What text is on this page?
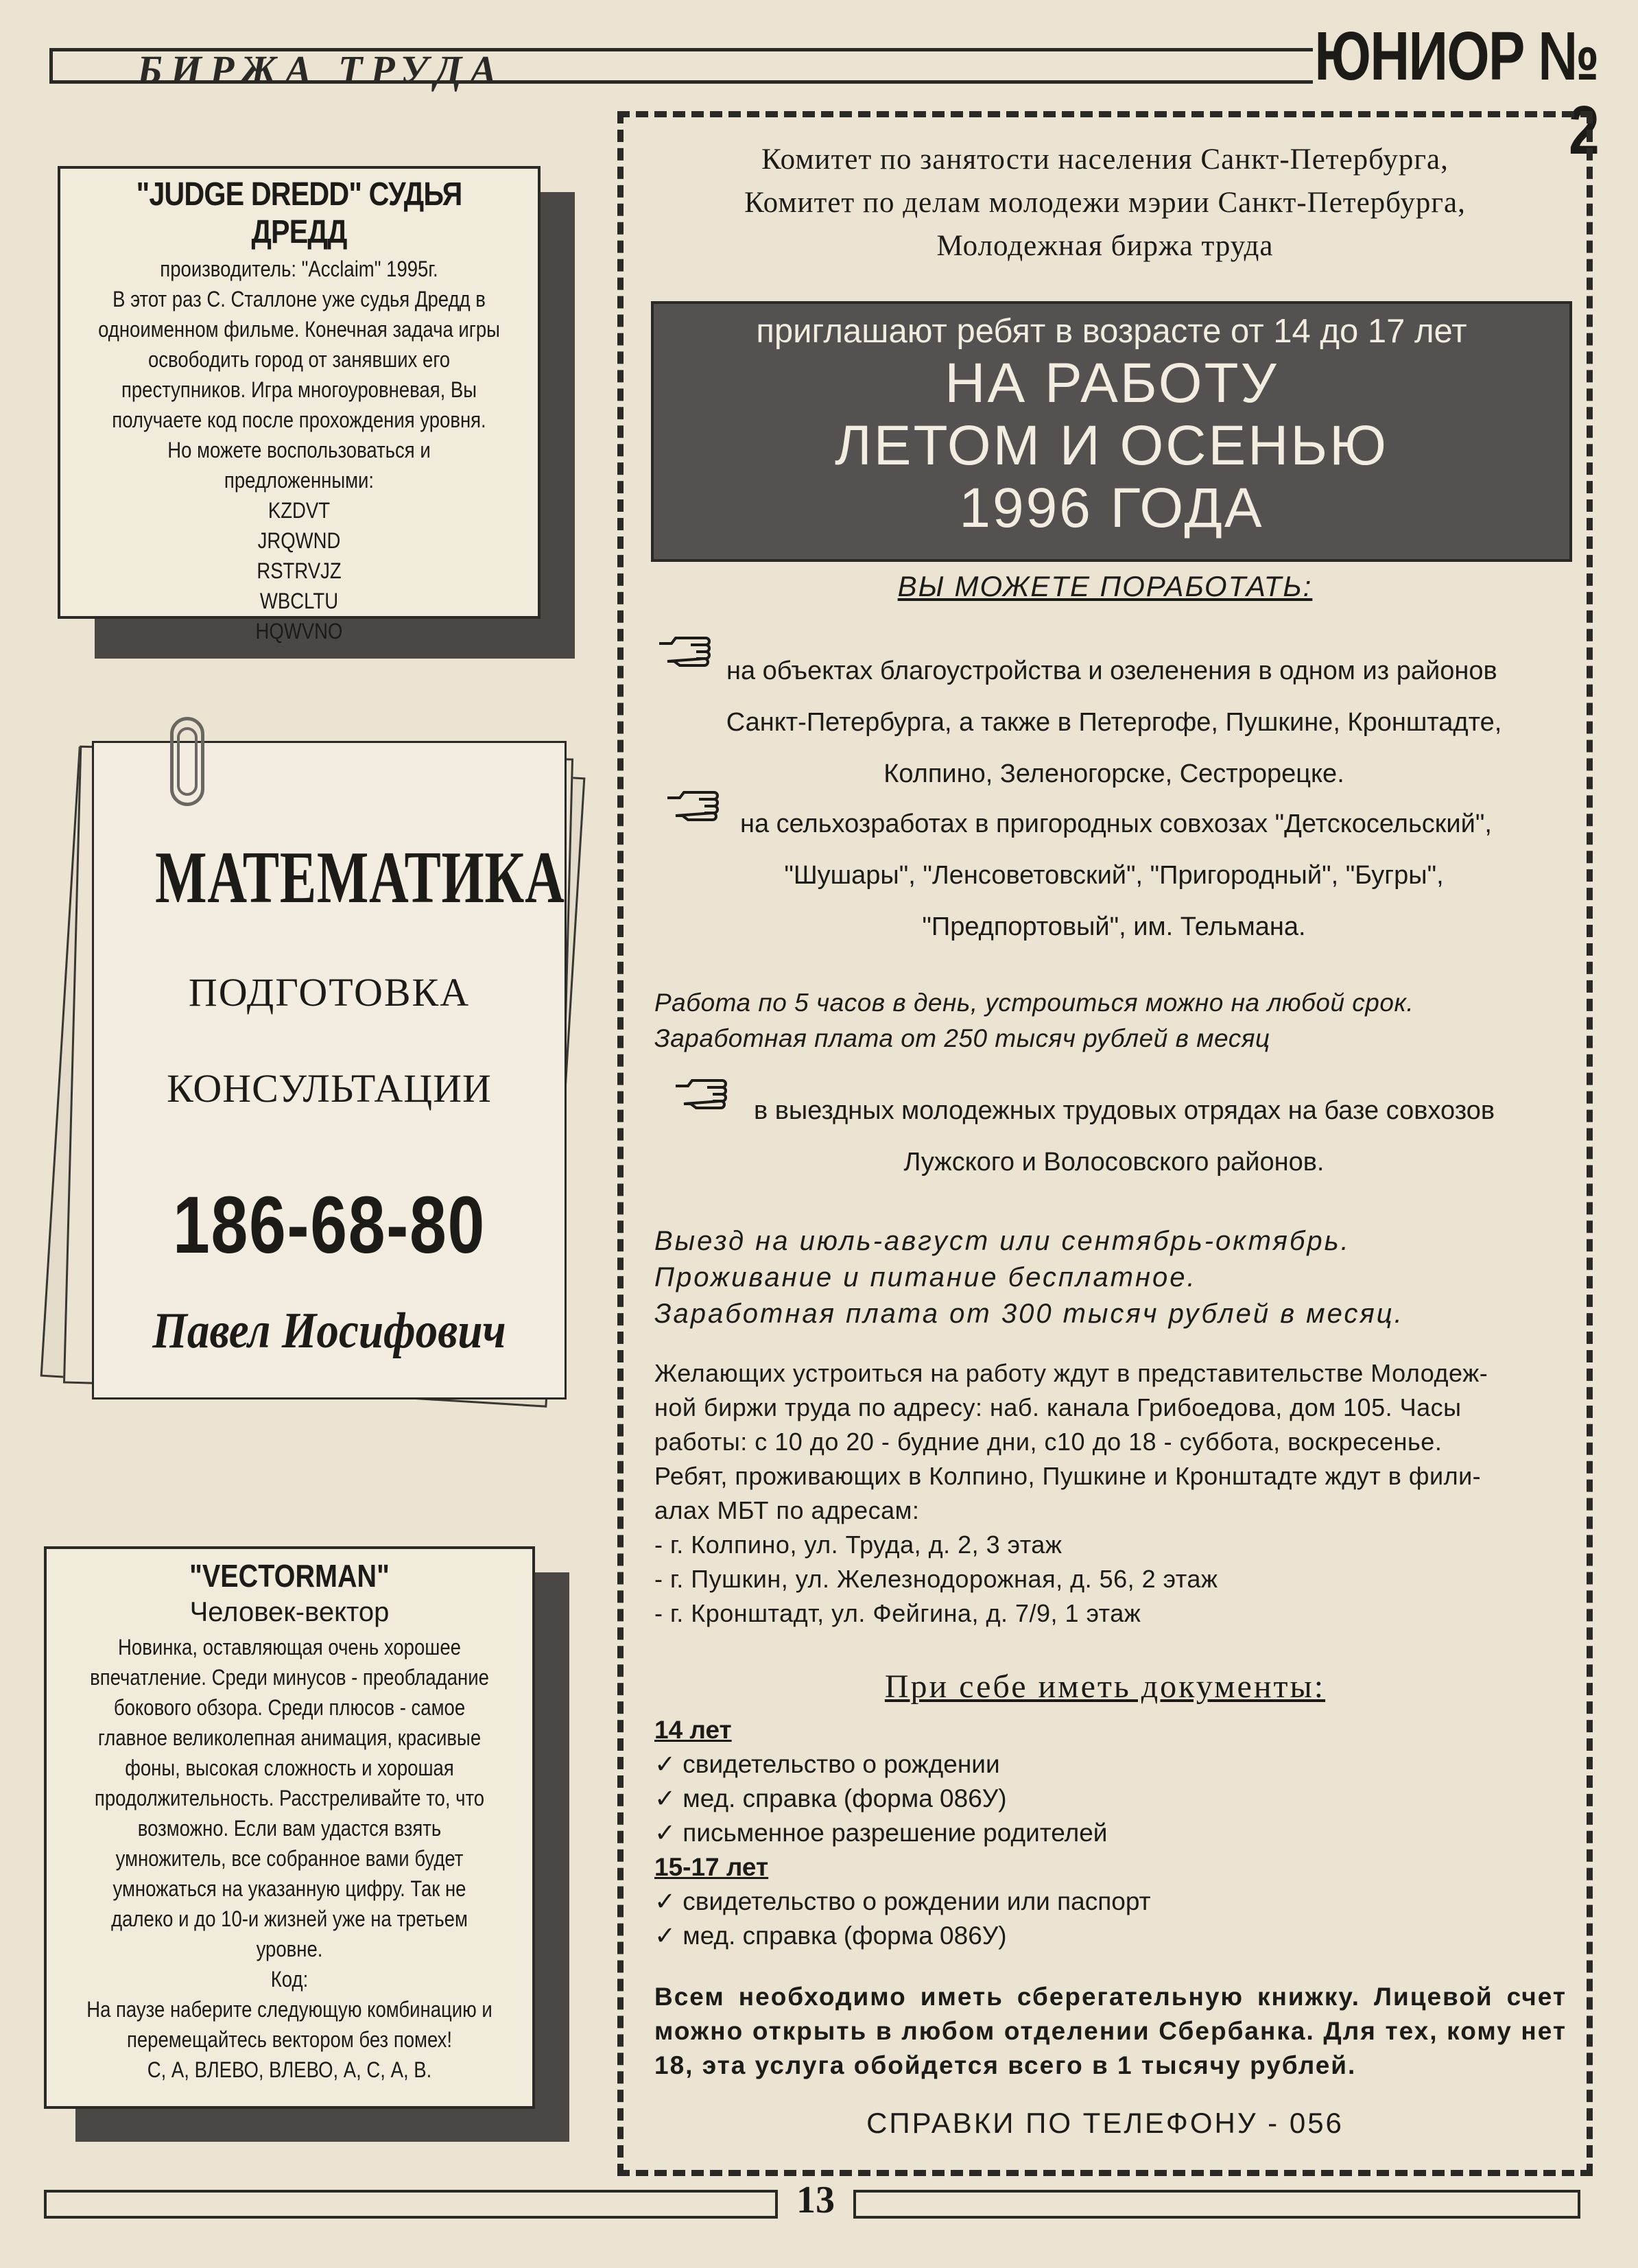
БИРЖА ТРУДА	ЮНИОР № 2
"JUDGE DREDD" СУДЬЯ ДРЕДД
производитель: "Acclaim" 1995г.
В этот раз С. Сталлоне уже судья Дредд в
одноименном фильме. Конечная задача игры
освободить город от занявших его
преступников. Игра многоуровневая, Вы
получаете код после прохождения уровня.
Но можете воспользоваться и
предложенными:
KZDVT
JRQWND
RSTRVJZ
WBCLTU
HQWVNO
МАТЕМАТИКА
ПОДГОТОВКА
КОНСУЛЬТАЦИИ
186-68-80
Павел Иосифович
"VECTORMAN"
Человек-вектор
Новинка, оставляющая очень хорошее
впечатление. Среди минусов - преобладание
бокового обзора. Среди плюсов - самое
главное великолепная анимация, красивые
фоны, высокая сложность и хорошая
продолжительность. Расстреливайте то, что
возможно. Если вам удастся взять
умножитель, все собранное вами будет
умножаться на указанную цифру. Так не
далеко и до 10-и жизней уже на третьем
уровне.
Код:
На паузе наберите следующую комбинацию и
перемещайтесь вектором без помех!
С, А, ВЛЕВО, ВЛЕВО, А, С, А, В.
Комитет по занятости населения Санкт-Петербурга,
Комитет по делам молодежи мэрии Санкт-Петербурга,
Молодежная биржа труда
приглашают ребят в возрасте от 14 до 17 лет
НА РАБОТУ
ЛЕТОМ И ОСЕНЬЮ
1996 ГОДА
ВЫ МОЖЕТЕ ПОРАБОТАТЬ:
на объектах благоустройства и озеленения в одном из районов
Санкт-Петербурга, а также в Петергофе, Пушкине, Кронштадте,
Колпино, Зеленогорске, Сестрорецке.
на сельхозработах в пригородных совхозах "Детскосельский",
"Шушары", "Ленсоветовский", "Пригородный", "Бугры",
"Предпортовый", им. Тельмана.
Работа по 5 часов в день, устроиться можно на любой срок.
Заработная плата от 250 тысяч рублей в месяц
в выездных молодежных трудовых отрядах на базе совхозов
Лужского и Волосовского районов.
Выезд на июль-август или сентябрь-октябрь.
Проживание и питание бесплатное.
Заработная плата от 300 тысяч рублей в месяц.
Желающих устроиться на работу ждут в представительстве Молодеж-
ной биржи труда по адресу: наб. канала Грибоедова, дом 105. Часы
работы: с 10 до 20 - будние дни, с10 до 18 - суббота, воскресенье.
Ребят, проживающих в Колпино, Пушкине и Кронштадте ждут в фили-
алах МБТ по адресам:
- г. Колпино, ул. Труда, д. 2, 3 этаж
- г. Пушкин, ул. Железнодорожная, д. 56, 2 этаж
- г. Кронштадт, ул. Фейгина, д. 7/9, 1 этаж
При себе иметь документы:
14 лет
✓ свидетельство о рождении
✓ мед. справка (форма 086У)
✓ письменное разрешение родителей
15-17 лет
✓ свидетельство о рождении или паспорт
✓ мед. справка (форма 086У)
Всем необходимо иметь сберегательную книжку. Лицевой счет можно открыть в любом отделении Сбербанка. Для тех, кому нет 18, эта услуга обойдется всего в 1 тысячу рублей.
СПРАВКИ ПО ТЕЛЕФОНУ - 056
13
